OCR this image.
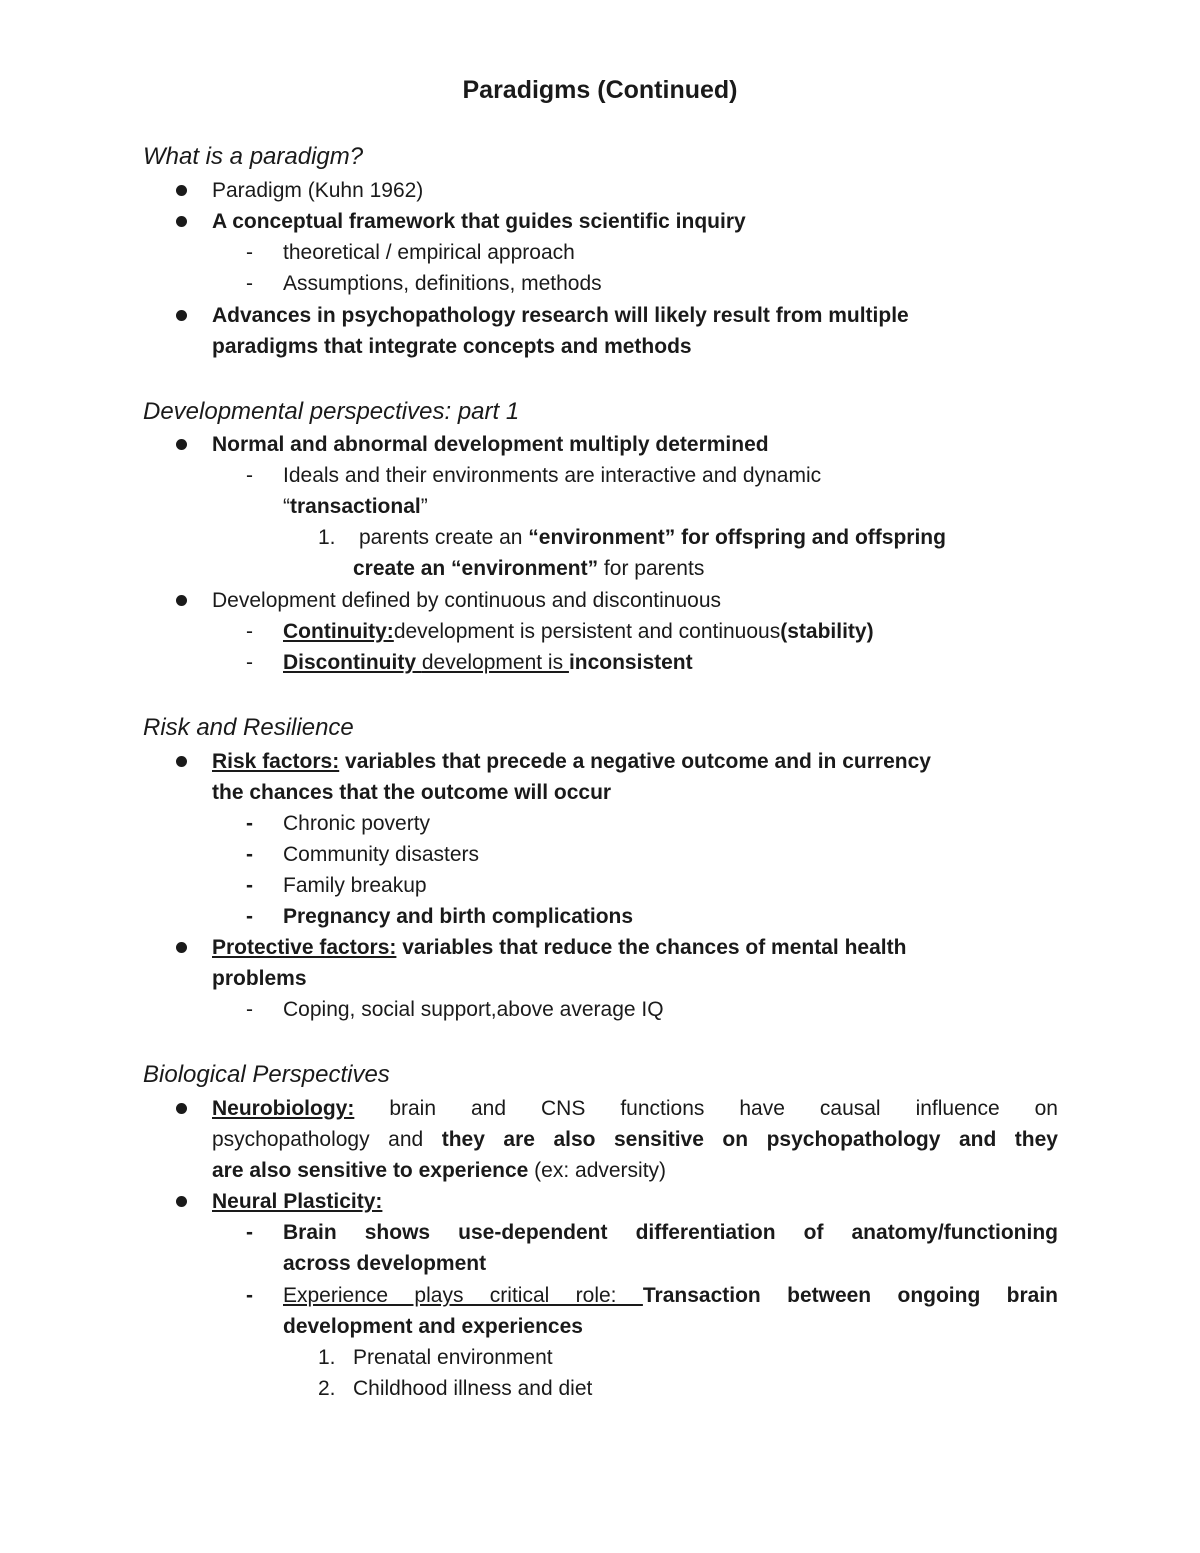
Paradigms (Continued)
What is a paradigm?
Paradigm (Kuhn 1962)
A conceptual framework that guides scientific inquiry
- theoretical / empirical approach
- Assumptions, definitions, methods
Advances in psychopathology research will likely result from multiple
paradigms that integrate concepts and methods
Developmental perspectives: part 1
Normal and abnormal development multiply determined
- Ideals and their environments are interactive and dynamic
“transactional”
1. parents create an “environment” for offspring and offspring
create an “environment” for parents
Development defined by continuous and discontinuous
- Continuity:development is persistent and continuous(stability)
- Discontinuity development is inconsistent
Risk and Resilience
Risk factors: variables that precede a negative outcome and in currency
the chances that the outcome will occur
- Chronic poverty
- Community disasters
- Family breakup
- Pregnancy and birth complications
Protective factors: variables that reduce the chances of mental health
problems
- Coping, social support,above average IQ
Biological Perspectives
Neurobiology: brain and CNS functions have causal influence on
psychopathology and they are also sensitive on psychopathology and they
are also sensitive to experience (ex: adversity)
Neural Plasticity:
- Brain shows use-dependent differentiation of anatomy/functioning
across development
- Experience plays critical role: Transaction between ongoing brain
development and experiences
1. Prenatal environment
2. Childhood illness and diet
